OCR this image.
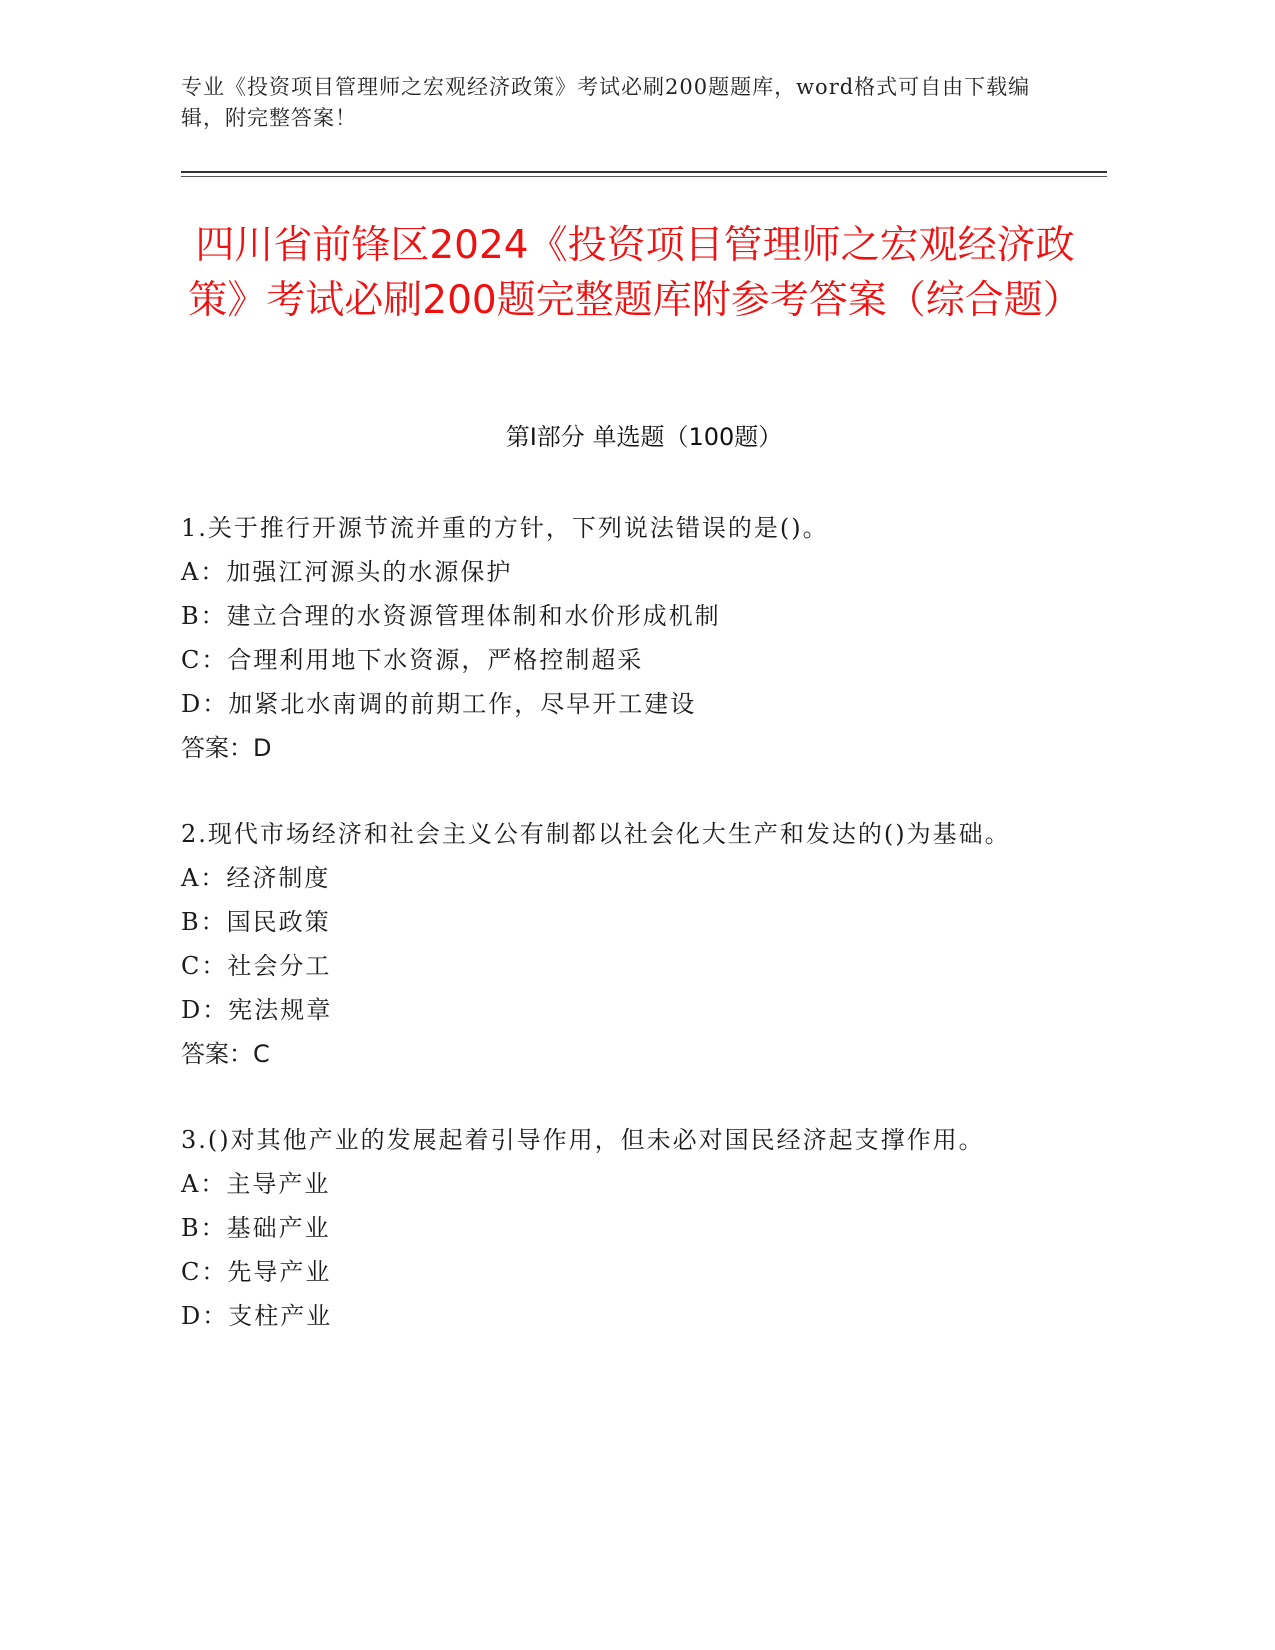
专业《投资项目管理师之宏观经济政策》考试必刷200题题库，word格式可自由下载编辑，附完整答案！
四川省前锋区2024《投资项目管理师之宏观经济政策》考试必刷200题完整题库附参考答案（综合题）
第I部分 单选题（100题）

1.关于推行开源节流并重的方针，下列说法错误的是()。

A：加强江河源头的水源保护

B：建立合理的水资源管理体制和水价形成机制

C：合理利用地下水资源，严格控制超采

D：加紧北水南调的前期工作，尽早开工建设

答案：D

2.现代市场经济和社会主义公有制都以社会化大生产和发达的()为基础。

A：经济制度

B：国民政策

C：社会分工

D：宪法规章

答案：C

3.()对其他产业的发展起着引导作用，但未必对国民经济起支撑作用。

A：主导产业

B：基础产业

C：先导产业

D：支柱产业
